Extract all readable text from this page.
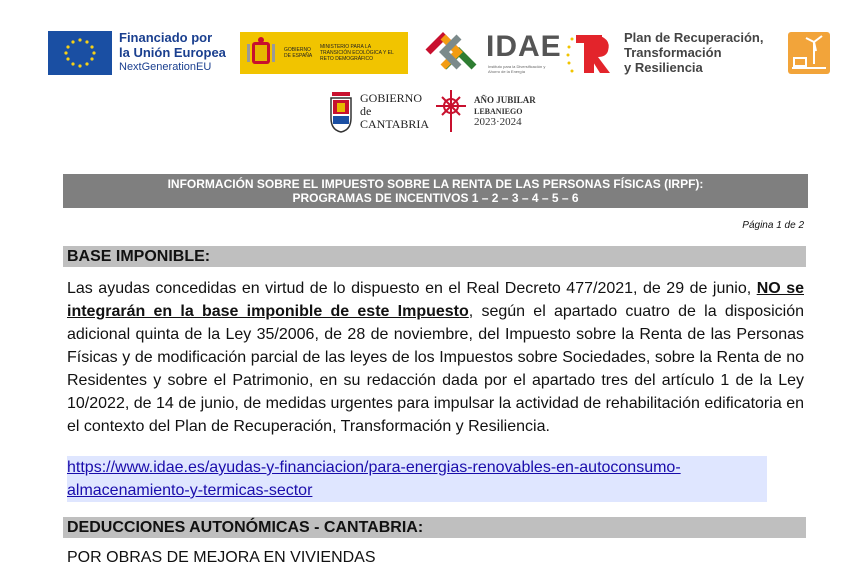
Financiado por
la Unión Europea
NextGenerationEU
GOBIERNO DE ESPAÑA
MINISTERIO PARA LA TRANSICIÓN ECOLÓGICA Y EL RETO DEMOGRÁFICO	IDAE
Instituto para la Diversificación y Ahorro de la Energía
Plan de Recuperación,
Transformación
y Resiliencia
GOBIERNO
de
CANTABRIA
AÑO JUBILAR
LEBANIEGO
2023·2024
INFORMACIÓN SOBRE EL IMPUESTO SOBRE LA RENTA DE LAS PERSONAS FÍSICAS (IRPF):
PROGRAMAS DE INCENTIVOS 1 – 2 – 3 – 4 – 5 – 6
Página 1 de 2
BASE IMPONIBLE:
Las ayudas concedidas en virtud de lo dispuesto en el Real Decreto 477/2021, de 29 de junio, NO se integrarán en la base imponible de este Impuesto, según el apartado cuatro de la disposición adicional quinta de la Ley 35/2006, de 28 de noviembre, del Impuesto sobre la Renta de las Personas Físicas y de modificación parcial de las leyes de los Impuestos sobre Sociedades, sobre la Renta de no Residentes y sobre el Patrimonio, en su redacción dada por el apartado tres del artículo 1 de la Ley 10/2022, de 14 de junio, de medidas urgentes para impulsar la actividad de rehabilitación edificatoria en el contexto del Plan de Recuperación, Transformación y Resiliencia.
https://www.idae.es/ayudas-y-financiacion/para-energias-renovables-en-autoconsumo-
almacenamiento-y-termicas-sector
DEDUCCIONES AUTONÓMICAS - CANTABRIA:
POR OBRAS DE MEJORA EN VIVIENDAS
